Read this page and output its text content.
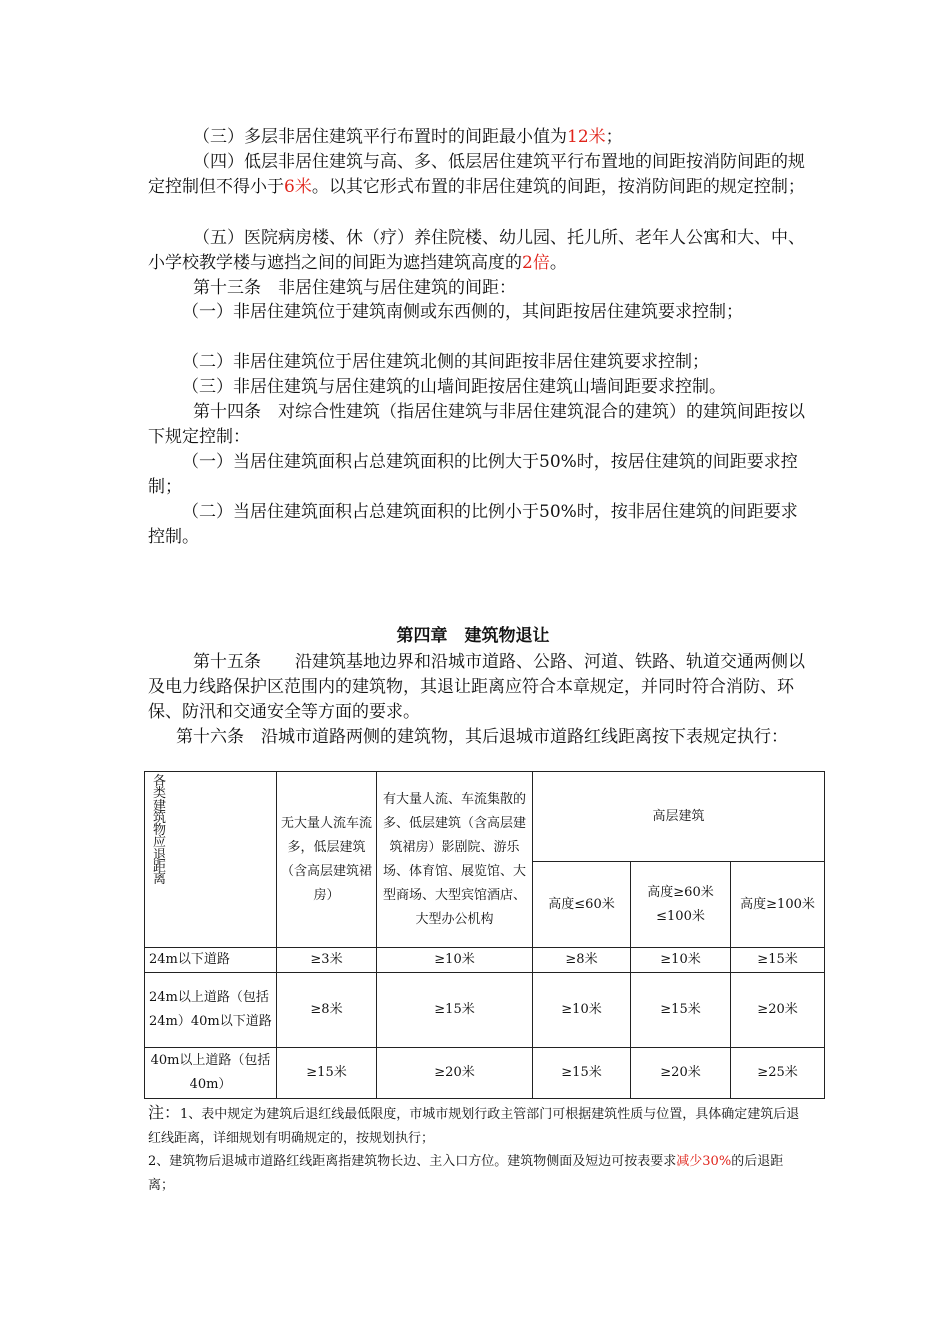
（三）多层非居住建筑平行布置时的间距最小值为12米；

（四）低层非居住建筑与高、多、低层居住建筑平行布置地的间距按消防间距的规定控制但不得小于6米。以其它形式布置的非居住建筑的间距，按消防间距的规定控制；

（五）医院病房楼、休（疗）养住院楼、幼儿园、托儿所、老年人公寓和大、中、小学校教学楼与遮挡之间的间距为遮挡建筑高度的2倍。

第十三条　非居住建筑与居住建筑的间距：

（一）非居住建筑位于建筑南侧或东西侧的，其间距按居住建筑要求控制；

（二）非居住建筑位于居住建筑北侧的其间距按非居住建筑要求控制；

（三）非居住建筑与居住建筑的山墙间距按居住建筑山墙间距要求控制。

第十四条　对综合性建筑（指居住建筑与非居住建筑混合的建筑）的建筑间距按以下规定控制：

（一）当居住建筑面积占总建筑面积的比例大于50%时，按居住建筑的间距要求控制；

（二）当居住建筑面积占总建筑面积的比例小于50%时，按非居住建筑的间距要求控制。

第四章　建筑物退让

第十五条　　沿建筑基地边界和沿城市道路、公路、河道、铁路、轨道交通两侧以及电力线路保护区范围内的建筑物，其退让距离应符合本章规定，并同时符合消防、环保、防汛和交通安全等方面的要求。

第十六条　沿城市道路两侧的建筑物，其后退城市道路红线距离按下表规定执行：

各类建筑物应退距离	无大量人流车流多，低层建筑（含高层建筑裙房）	有大量人流、车流集散的多、低层建筑（含高层建筑裙房）影剧院、游乐场、体育馆、展览馆、大型商场、大型宾馆酒店、大型办公机构	高层建筑		
			高度≤60米	高度≥60米≤100米	高度≥100米
24m以下道路	≥3米	≥10米	≥8米	≥10米	≥15米
24m以上道路（包括24m）40m以下道路	≥8米	≥15米	≥10米	≥15米	≥20米
40m以上道路（包括40m）	≥15米	≥20米	≥15米	≥20米	≥25米

注：1、表中规定为建筑后退红线最低限度，市城市规划行政主管部门可根据建筑性质与位置，具体确定建筑后退红线距离，详细规划有明确规定的，按规划执行；

2、建筑物后退城市道路红线距离指建筑物长边、主入口方位。建筑物侧面及短边可按表要求减少30%的后退距离；
